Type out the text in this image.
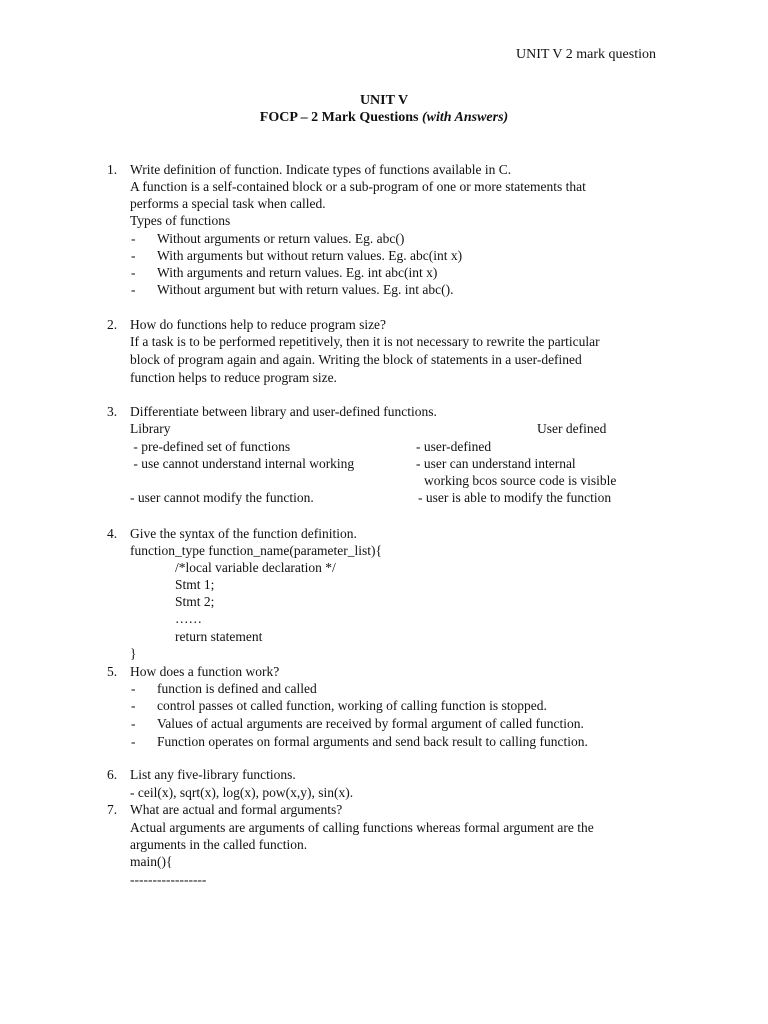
UNIT V 2 mark question
UNIT V
FOCP – 2 Mark Questions (with Answers)
1. Write definition of function. Indicate types of functions available in C.
A function is a self-contained block or a sub-program of one or more statements that
performs a special task when called.
Types of functions
- Without arguments or return values. Eg. abc()
- With arguments but without return values. Eg. abc(int x)
- With arguments and return values. Eg. int abc(int x)
- Without argument but with return values. Eg. int abc().
2. How do functions help to reduce program size?
If a task is to be performed repetitively, then it is not necessary to rewrite the particular
block of program again and again. Writing the block of statements in a user-defined
function helps to reduce program size.
3. Differentiate between library and user-defined functions.
Library	User defined
- pre-defined set of functions	- user-defined
- use cannot understand internal working	- user can understand internal
working bcos source code is visible
- user cannot modify the function.	- user is able to modify the function
4. Give the syntax of the function definition.
function_type function_name(parameter_list){
/*local variable declaration */
Stmt 1;
Stmt 2;
……
return statement
}
5. How does a function work?
- function is defined and called
- control passes ot called function, working of calling function is stopped.
- Values of actual arguments are received by formal argument of called function.
- Function operates on formal arguments and send back result to calling function.
6. List any five-library functions.
- ceil(x), sqrt(x), log(x), pow(x,y), sin(x).
7. What are actual and formal arguments?
Actual arguments are arguments of calling functions whereas formal argument are the
arguments in the called function.
main(){
-----------------
